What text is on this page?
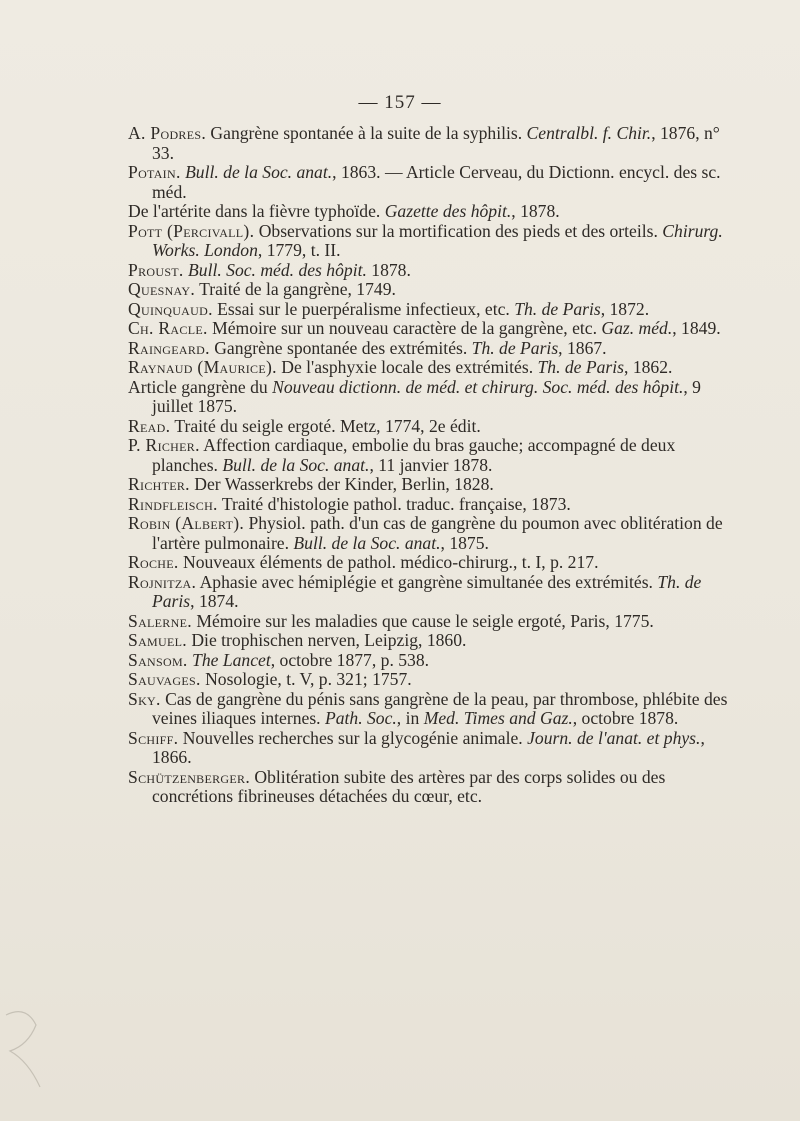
— 157 —

A. Podres. Gangrène spontanée à la suite de la syphilis. Centralbl. f. Chir., 1876, n° 33.

Potain. Bull. de la Soc. anat., 1863. — Article Cerveau, du Dictionn. encycl. des sc. méd.

De l'artérite dans la fièvre typhoïde. Gazette des hôpit., 1878.

Pott (Percivall). Observations sur la mortification des pieds et des orteils. Chirurg. Works. London, 1779, t. II.

Proust. Bull. Soc. méd. des hôpit. 1878.

Quesnay. Traité de la gangrène, 1749.

Quinquaud. Essai sur le puerpéralisme infectieux, etc. Th. de Paris, 1872.

Ch. Racle. Mémoire sur un nouveau caractère de la gangrène, etc. Gaz. méd., 1849.

Raingeard. Gangrène spontanée des extrémités. Th. de Paris, 1867.

Raynaud (Maurice). De l'asphyxie locale des extrémités. Th. de Paris, 1862.

Article gangrène du Nouveau dictionn. de méd. et chirurg. Soc. méd. des hôpit., 9 juillet 1875.

Read. Traité du seigle ergoté. Metz, 1774, 2e édit.

P. Richer. Affection cardiaque, embolie du bras gauche; accompagné de deux planches. Bull. de la Soc. anat., 11 janvier 1878.

Richter. Der Wasserkrebs der Kinder, Berlin, 1828.

Rindfleisch. Traité d'histologie pathol. traduc. française, 1873.

Robin (Albert). Physiol. path. d'un cas de gangrène du poumon avec oblitération de l'artère pulmonaire. Bull. de la Soc. anat., 1875.

Roche. Nouveaux éléments de pathol. médico-chirurg., t. I, p. 217.

Rojnitza. Aphasie avec hémiplégie et gangrène simultanée des extrémités. Th. de Paris, 1874.

Salerne. Mémoire sur les maladies que cause le seigle ergoté, Paris, 1775.

Samuel. Die trophischen nerven, Leipzig, 1860.

Sansom. The Lancet, octobre 1877, p. 538.

Sauvages. Nosologie, t. V, p. 321; 1757.

Sky. Cas de gangrène du pénis sans gangrène de la peau, par thrombose, phlébite des veines iliaques internes. Path. Soc., in Med. Times and Gaz., octobre 1878.

Schiff. Nouvelles recherches sur la glycogénie animale. Journ. de l'anat. et phys., 1866.

Schützenberger. Oblitération subite des artères par des corps solides ou des concrétions fibrineuses détachées du cœur, etc.
